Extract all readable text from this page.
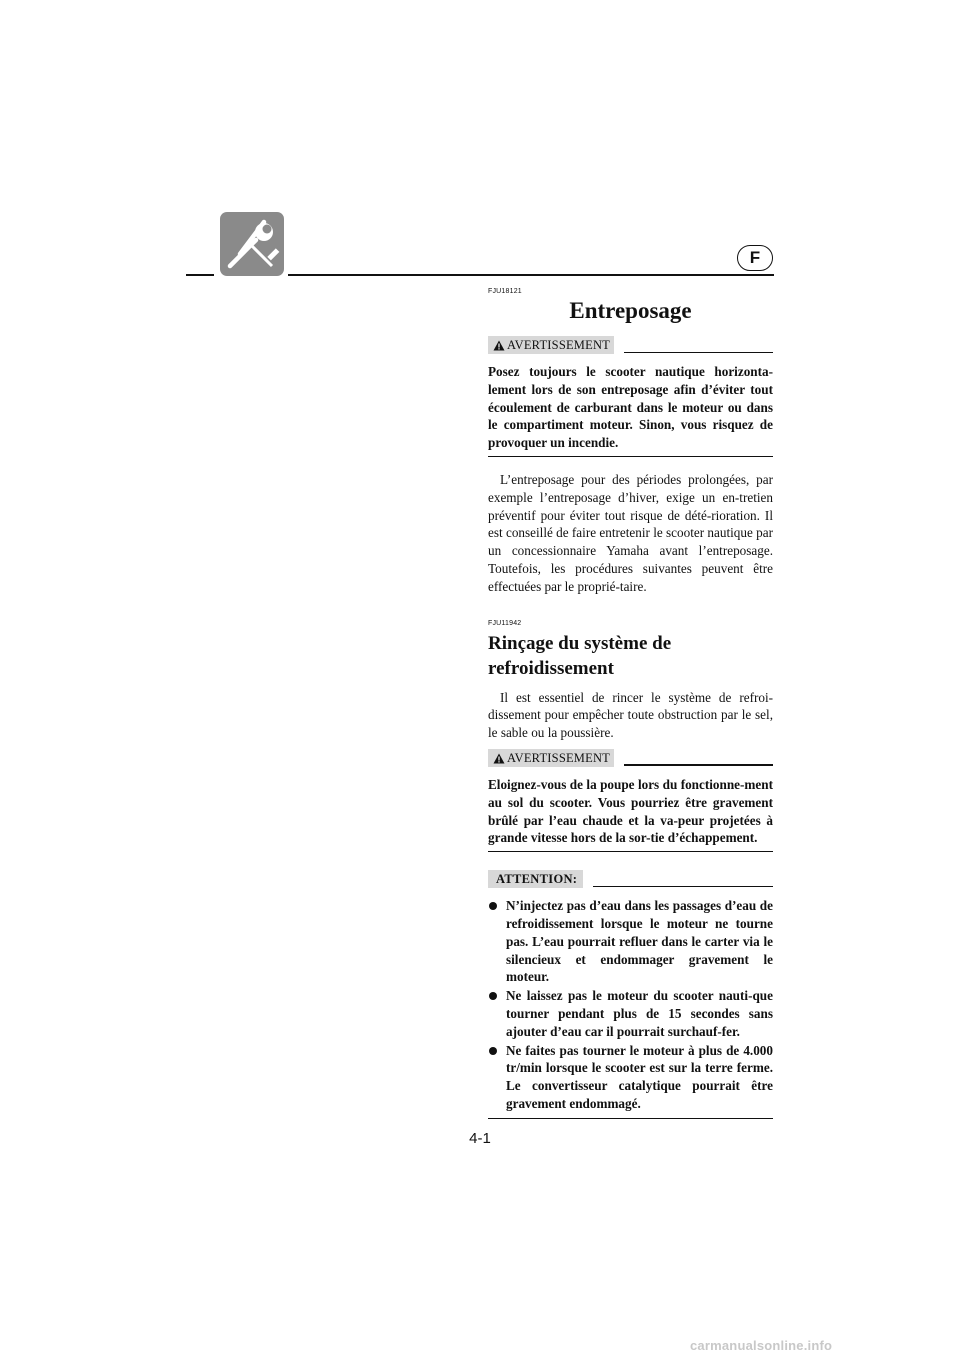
F

FJU18121

Entreposage
AVERTISSEMENT

Posez toujours le scooter nautique horizonta-lement lors de son entreposage afin d’éviter tout écoulement de carburant dans le moteur ou dans le compartiment moteur. Sinon, vous risquez de provoquer un incendie.

L’entreposage pour des périodes prolongées, par exemple l’entreposage d’hiver, exige un en-tretien préventif pour éviter tout risque de dété-rioration. Il est conseillé de faire entretenir le scooter nautique par un concessionnaire Yamaha avant l’entreposage. Toutefois, les procédures suivantes peuvent être effectuées par le proprié-taire.

FJU11942

Rinçage du système de
refroidissement

Il est essentiel de rincer le système de refroi-dissement pour empêcher toute obstruction par le sel, le sable ou la poussière.

AVERTISSEMENT

Eloignez-vous de la poupe lors du fonctionne-ment au sol du scooter. Vous pourriez être gravement brûlé par l’eau chaude et la va-peur projetées à grande vitesse hors de la sor-tie d’échappement.

ATTENTION:
N’injectez pas d’eau dans les passages d’eau de refroidissement lorsque le moteur ne tourne pas. L’eau pourrait refluer dans le carter via le silencieux et endommager gravement le moteur.
Ne laissez pas le moteur du scooter nauti-que tourner pendant plus de 15 secondes sans ajouter d’eau car il pourrait surchauf-fer.
Ne faites pas tourner le moteur à plus de 4.000 tr/min lorsque le scooter est sur la terre ferme. Le convertisseur catalytique pourrait être gravement endommagé.
4-1
carmanualsonline.info
